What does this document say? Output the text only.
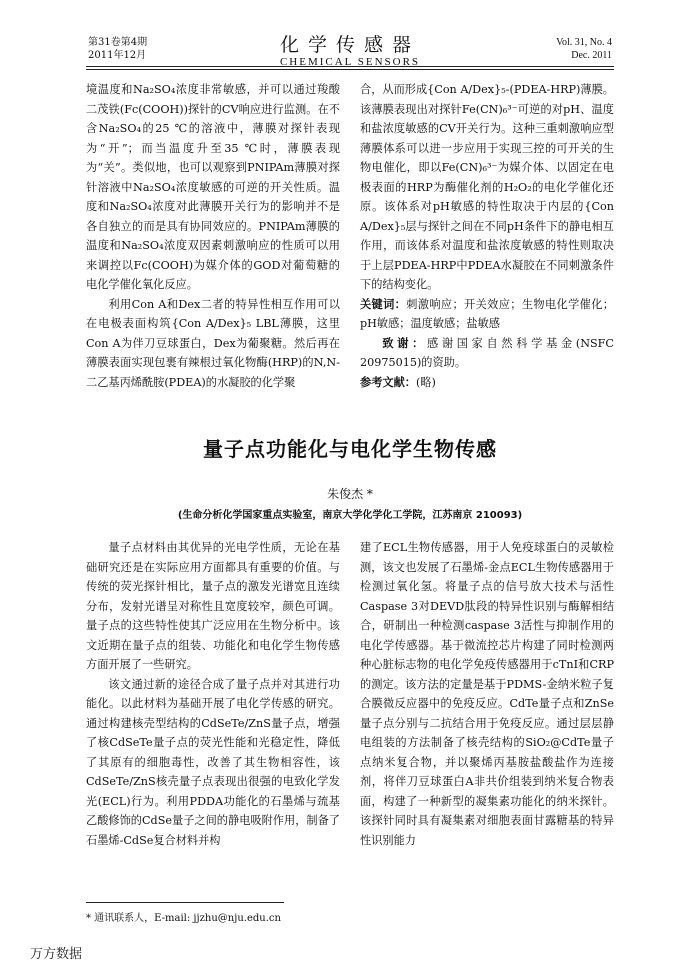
第31卷第4期
2011年12月	化学传感器
CHEMICAL SENSORS
Vol. 31, No. 4
Dec. 2011

境温度和Na₂SO₄浓度非常敏感，并可以通过羧酸二茂铁(Fc(COOH))探针的CV响应进行监测。在不含Na₂SO₄的25 ℃的溶液中，薄膜对探针表现为“开”；而当温度升至35 ℃时，薄膜表现为“关”。类似地，也可以观察到PNIPAm薄膜对探针溶液中Na₂SO₄浓度敏感的可逆的开关性质。温度和Na₂SO₄浓度对此薄膜开关行为的影响并不是各自独立的而是具有协同效应的。PNIPAm薄膜的温度和Na₂SO₄浓度双因素刺激响应的性质可以用来调控以Fc(COOH)为媒介体的GOD对葡萄糖的电化学催化氧化反应。

利用Con A和Dex二者的特异性相互作用可以在电极表面构筑{Con A/Dex}₅ LBL薄膜，这里Con A为伴刀豆球蛋白，Dex为葡聚糖。然后再在薄膜表面实现包裹有辣根过氧化物酶(HRP)的N,N-二乙基丙烯酰胺(PDEA)的水凝胶的化学聚

合，从而形成{Con A/Dex}₅-(PDEA-HRP)薄膜。该薄膜表现出对探针Fe(CN)₆³⁻可逆的对pH、温度和盐浓度敏感的CV开关行为。这种三重刺激响应型薄膜体系可以进一步应用于实现三控的可开关的生物电催化，即以Fe(CN)₆³⁻为媒介体、以固定在电极表面的HRP为酶催化剂的H₂O₂的电化学催化还原。该体系对pH敏感的特性取决于内层的{Con A/Dex}₅层与探针之间在不同pH条件下的静电相互作用，而该体系对温度和盐浓度敏感的特性则取决于上层PDEA-HRP中PDEA水凝胶在不同刺激条件下的结构变化。

关键词：刺激响应；开关效应；生物电化学催化；pH敏感；温度敏感；盐敏感

致谢：感谢国家自然科学基金(NSFC 20975015)的资助。

参考文献：(略)

量子点功能化与电化学生物传感
朱俊杰 *
(生命分析化学国家重点实验室，南京大学化学化工学院，江苏南京 210093)

量子点材料由其优异的光电学性质，无论在基础研究还是在实际应用方面都具有重要的价值。与传统的荧光探针相比，量子点的激发光谱宽且连续分布，发射光谱呈对称性且宽度较窄，颜色可调。量子点的这些特性使其广泛应用在生物分析中。该文近期在量子点的组装、功能化和电化学生物传感方面开展了一些研究。

该文通过新的途径合成了量子点并对其进行功能化。以此材料为基础开展了电化学传感的研究。通过构建核壳型结构的CdSeTe/ZnS量子点，增强了核CdSeTe量子点的荧光性能和光稳定性，降低了其原有的细胞毒性，改善了其生物相容性，该CdSeTe/ZnS核壳量子点表现出很强的电致化学发光(ECL)行为。利用PDDA功能化的石墨烯与巯基乙酸修饰的CdSe量子之间的静电吸附作用，制备了石墨烯-CdSe复合材料并构

建了ECL生物传感器，用于人免疫球蛋白的灵敏检测，该文也发展了石墨烯-金点ECL生物传感器用于检测过氧化氢。将量子点的信号放大技术与活性Caspase 3对DEVD肽段的特异性识别与酶解相结合，研制出一种检测caspase 3活性与抑制作用的电化学传感器。基于微流控芯片构建了同时检测两种心脏标志物的电化学免疫传感器用于cTnI和CRP的测定。该方法的定量是基于PDMS-金纳米粒子复合膜微反应器中的免疫反应。CdTe量子点和ZnSe量子点分别与二抗结合用于免疫反应。通过层层静电组装的方法制备了核壳结构的SiO₂@CdTe量子点纳米复合物，并以聚烯丙基胺盐酸盐作为连接剂，将伴刀豆球蛋白A非共价组装到纳米复合物表面，构建了一种新型的凝集素功能化的纳米探针。该探针同时具有凝集素对细胞表面甘露糖基的特异性识别能力

* 通讯联系人，E-mail: jjzhu@nju.edu.cn
万方数据
